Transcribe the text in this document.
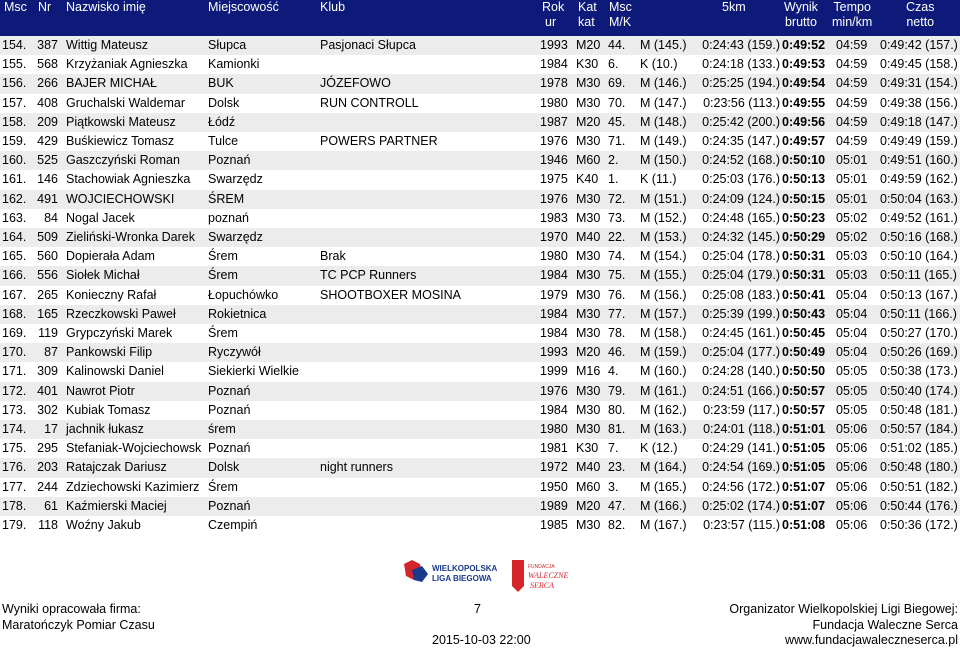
Msc Nr Nazwisko imię	Miejscowość	Klub	Rok
ur
Kat
kat
Msc
M/K
5km	Wynik
brutto
Tempo
min/km
Czas
netto
154. 387 Wittig Mateusz	Słupca	Pasjonaci Słupca	1993 M20 44.	M (145.)	0:24:43 (159.) 0:49:52 04:59	0:49:42 (157.)
155. 568 Krzyżaniak Agnieszka	Kamionki	1984 K30 6.	K (10.)	0:24:18 (133.) 0:49:53 04:59	0:49:45 (158.)
156. 266 BAJER MICHAŁ	BUK	JÓZEFOWO	1978 M30 69.	M (146.)	0:25:25 (194.) 0:49:54 04:59	0:49:31 (154.)
157. 408 Gruchalski Waldemar	Dolsk	RUN CONTROLL	1980 M30 70.	M (147.)	0:23:56 (113.) 0:49:55 04:59	0:49:38 (156.)
158. 209 Piątkowski Mateusz	Łódź	1987 M20 45.	M (148.)	0:25:42 (200.) 0:49:56 04:59	0:49:18 (147.)
159. 429 Buśkiewicz Tomasz	Tulce	POWERS PARTNER	1976 M30 71.	M (149.)	0:24:35 (147.) 0:49:57 04:59	0:49:49 (159.)
160. 525 Gaszczyński Roman	Poznań	1946 M60 2.	M (150.)	0:24:52 (168.) 0:50:10 05:01	0:49:51 (160.)
161. 146 Stachowiak Agnieszka	Swarzędz	1975 K40 1.	K (11.)	0:25:03 (176.) 0:50:13 05:01	0:49:59 (162.)
162. 491 WOJCIECHOWSKI	ŚREM	1976 M30 72.	M (151.)	0:24:09 (124.) 0:50:15 05:01	0:50:04 (163.)
163.	84 Nogal Jacek	poznań	1983 M30 73.	M (152.)	0:24:48 (165.) 0:50:23 05:02	0:49:52 (161.)
164. 509 Zieliński-Wronka Darek	Swarzędz	1970 M40 22.	M (153.)	0:24:32 (145.) 0:50:29 05:02	0:50:16 (168.)
165. 560 Dopierała Adam	Śrem	Brak	1980 M30 74.	M (154.)	0:25:04 (178.) 0:50:31 05:03	0:50:10 (164.)
166. 556 Siołek Michał	Śrem	TC PCP Runners	1984 M30 75.	M (155.)	0:25:04 (179.) 0:50:31 05:03	0:50:11 (165.)
167. 265 Konieczny Rafał	Łopuchówko	SHOOTBOXER MOSINA	1979 M30 76.	M (156.)	0:25:08 (183.) 0:50:41 05:04	0:50:13 (167.)
168. 165 Rzeczkowski Paweł	Rokietnica	1984 M30 77.	M (157.)	0:25:39 (199.) 0:50:43 05:04	0:50:11 (166.)
169. 119 Grypczyński Marek	Śrem	1984 M30 78.	M (158.)	0:24:45 (161.) 0:50:45 05:04	0:50:27 (170.)
170.	87 Pankowski Filip	Ryczywół	1993 M20 46.	M (159.)	0:25:04 (177.) 0:50:49 05:04	0:50:26 (169.)
171. 309 Kalinowski Daniel	Siekierki Wielkie	1999 M16 4.	M (160.)	0:24:28 (140.) 0:50:50 05:05	0:50:38 (173.)
172. 401 Nawrot Piotr	Poznań	1976 M30 79.	M (161.)	0:24:51 (166.) 0:50:57 05:05	0:50:40 (174.)
173. 302 Kubiak Tomasz	Poznań	1984 M30 80.	M (162.)	0:23:59 (117.) 0:50:57 05:05	0:50:48 (181.)
174.	17 jachnik łukasz	śrem	1980 M30 81.	M (163.)	0:24:01 (118.) 0:51:01 05:06	0:50:57 (184.)
175. 295 Stefaniak-Wojciechowsk Poznań	1981 K30 7.	K (12.)	0:24:29 (141.) 0:51:05 05:06	0:51:02 (185.)
176. 203 Ratajczak Dariusz	Dolsk	night runners	1972 M40 23.	M (164.)	0:24:54 (169.) 0:51:05 05:06	0:50:48 (180.)
177. 244 Zdziechowski Kazimierz Śrem	1950 M60 3.	M (165.)	0:24:56 (172.) 0:51:07 05:06	0:50:51 (182.)
178.	61 Kaźmierski Maciej	Poznań	1989 M20 47.	M (166.)	0:25:02 (174.) 0:51:07 05:06	0:50:44 (176.)
179. 118 Woźny Jakub	Czempiń	1985 M30 82.	M (167.)	0:23:57 (115.) 0:51:08 05:06	0:50:36 (172.)
WIELKOPOLSKA
LIGA BIEGOWA
FUNDACJA
WALECZNE
SERCA
Wyniki opracowała firma:
Maratończyk Pomiar Czasu
7
2015-10-03 22:00
Organizator Wielkopolskiej Ligi Biegowej:
Fundacja Waleczne Serca
www.fundacjawaleczneserca.pl
